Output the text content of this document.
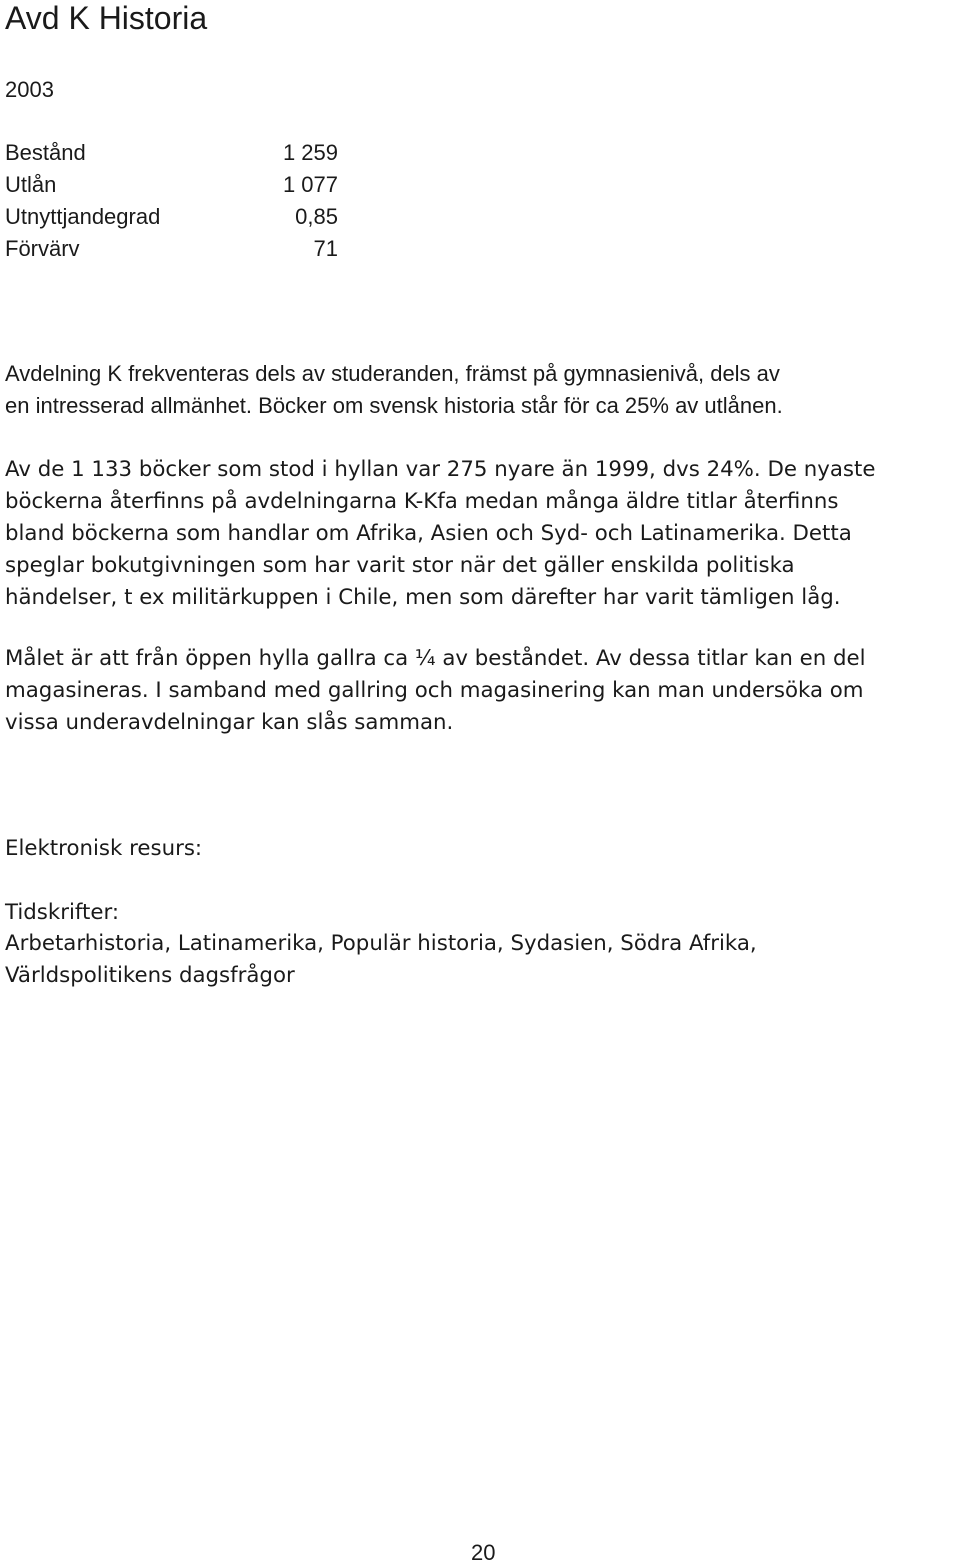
Avd K Historia

2003

Bestånd	1 259
Utlån	1 077
Utnyttjandegrad	0,85
Förvärv	71

Avdelning K frekventeras dels av studeranden, främst på gymnasienivå, dels av
en intresserad allmänhet. Böcker om svensk historia står för ca 25% av utlånen.

Av de 1 133 böcker som stod i hyllan var 275 nyare än 1999, dvs 24%. De nyaste
böckerna återfinns på avdelningarna K-Kfa medan många äldre titlar återfinns
bland böckerna som handlar om Afrika, Asien och Syd- och Latinamerika. Detta
speglar bokutgivningen som har varit stor när det gäller enskilda politiska
händelser, t ex militärkuppen i Chile, men som därefter har varit tämligen låg.

Målet är att från öppen hylla gallra ca ¼ av beståndet. Av dessa titlar kan en del
magasineras. I samband med gallring och magasinering kan man undersöka om
vissa underavdelningar kan slås samman.

Elektronisk resurs:

Tidskrifter:

Arbetarhistoria, Latinamerika, Populär historia, Sydasien, Södra Afrika,
Världspolitikens dagsfrågor

20
